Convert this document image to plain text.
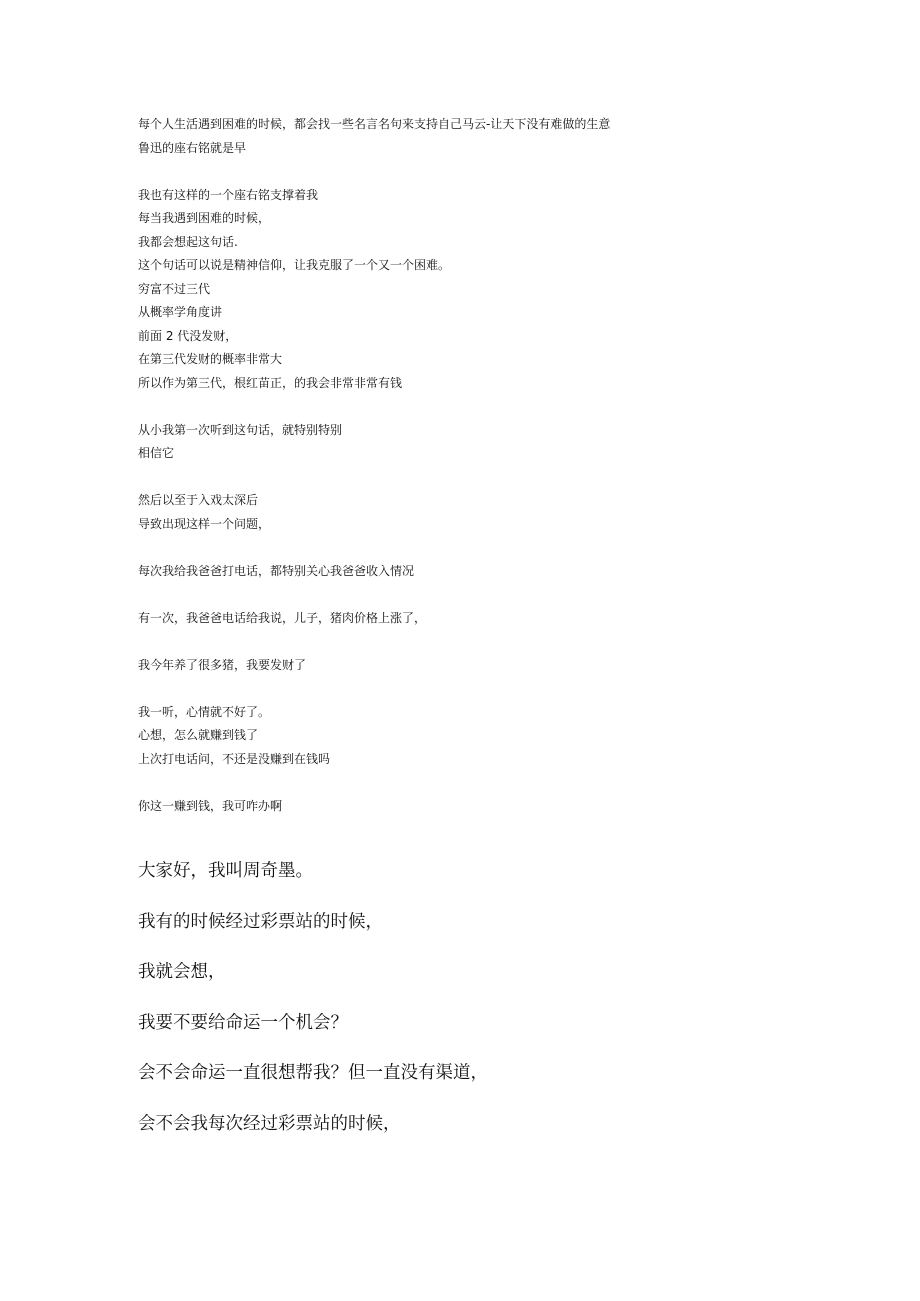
每个人生活遇到困难的时候，都会找一些名言名句来支持自己马云-让天下没有难做的生意
鲁迅的座右铭就是早
我也有这样的一个座右铭支撑着我
每当我遇到困难的时候，
我都会想起这句话.
这个句话可以说是精神信仰，让我克服了一个又一个困难。
穷富不过三代
从概率学角度讲
前面 2 代没发财，
在第三代发财的概率非常大
所以作为第三代，根红苗正，的我会非常非常有钱
从小我第一次听到这句话，就特别特别
相信它
然后以至于入戏太深后
导致出现这样一个问题，
每次我给我爸爸打电话，都特别关心我爸爸收入情况
有一次，我爸爸电话给我说，儿子，猪肉价格上涨了，
我今年养了很多猪，我要发财了
我一听，心情就不好了。
心想，怎么就赚到钱了
上次打电话问，不还是没赚到在钱吗
你这一赚到钱，我可咋办啊
大家好，我叫周奇墨。
我有的时候经过彩票站的时候，
我就会想，
我要不要给命运一个机会？
会不会命运一直很想帮我？但一直没有渠道，
会不会我每次经过彩票站的时候，
